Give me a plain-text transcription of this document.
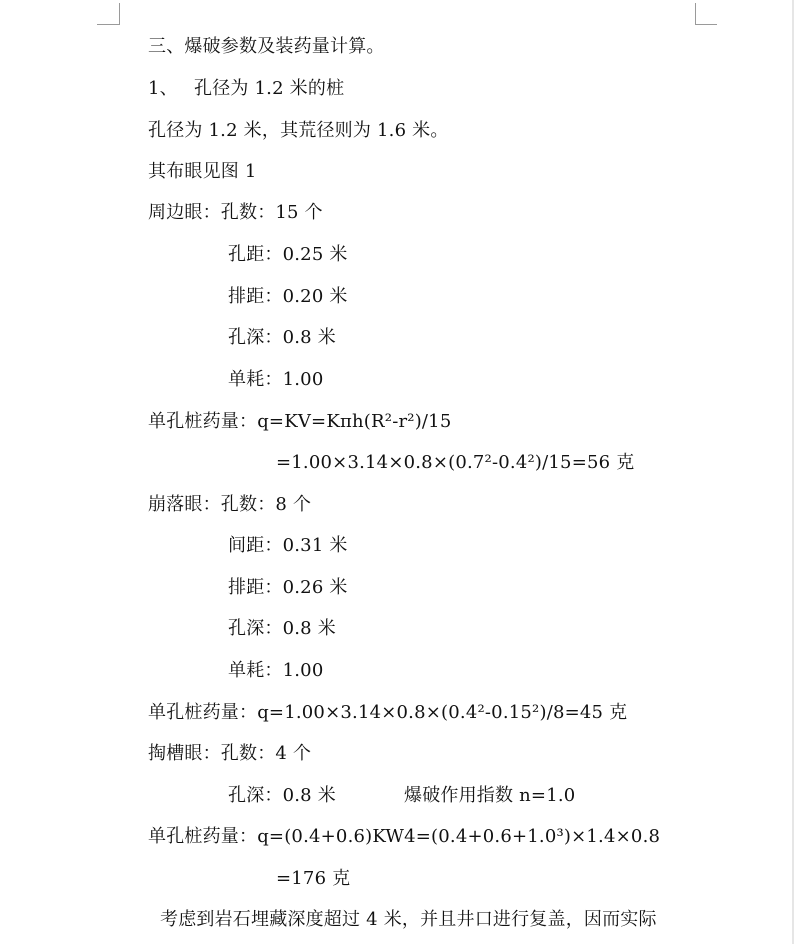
三、爆破参数及装药量计算。
1、 孔径为 1.2 米的桩
孔径为 1.2 米，其荒径则为 1.6 米。
其布眼见图 1
周边眼：孔数：15 个
孔距：0.25 米
排距：0.20 米
孔深：0.8 米
单耗：1.00
单孔桩药量：q=KV=Kπh(R²-r²)/15
=1.00×3.14×0.8×(0.7²-0.4²)/15=56 克
崩落眼：孔数：8 个
间距：0.31 米
排距：0.26 米
孔深：0.8 米
单耗：1.00
单孔桩药量：q=1.00×3.14×0.8×(0.4²-0.15²)/8=45 克
掏槽眼：孔数：4 个
孔深：0.8 米	爆破作用指数 n=1.0
单孔桩药量：q=(0.4+0.6)KW4=(0.4+0.6+1.0³)×1.4×0.8
=176 克
考虑到岩石埋藏深度超过 4 米，并且井口进行复盖，因而实际
